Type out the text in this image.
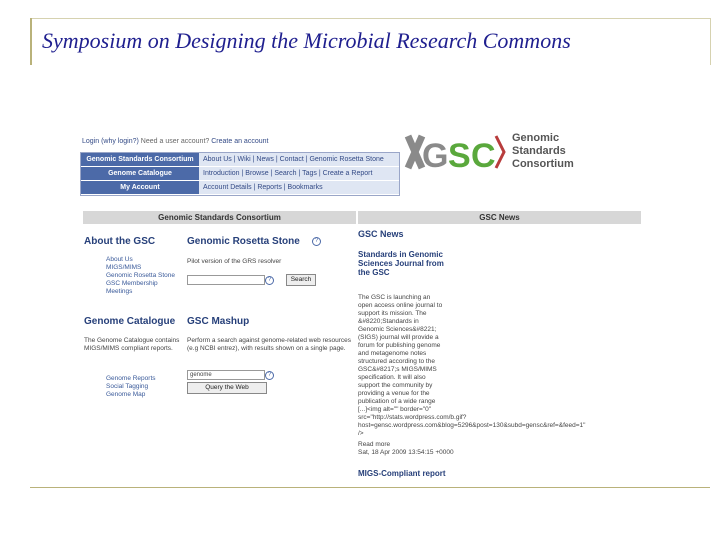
Symposium on Designing the Microbial Research Commons
Login (why login?) Need a user account? Create an account
Genomic Standards Consortium	About Us | Wiki | News | Contact | Genomic Rosetta Stone
Genome Catalogue	Introduction | Browse | Search | Tags | Create a Report
My Account	Account Details | Reports | Bookmarks
G S C Genomic
Standards
Consortium
Genomic Standards Consortium	GSC News
About the GSC
About Us
MIGS/MIMS
Genomic Rosetta Stone
GSC Membership
Meetings
Genomic Rosetta Stone	?
Pilot version of the GRS resolver
?	Search
Genome Catalogue
The Genome Catalogue contains MIGS/MIMS compliant reports.
Genome Reports
Social Tagging
Genome Map
GSC Mashup
Perform a search against genome-related web resources (e.g NCBI entrez), with results shown on a single page.
genome	?
Query the Web
GSC News
Standards in Genomic Sciences Journal from the GSC
The GSC is launching an open access online journal to support its mission. The &#8220;Standards in Genomic Sciences&#8221; (SIGS) journal will provide a forum for publishing genome and metagenome notes structured according to the GSC&#8217;s MIGS/MIMS specification. It will also support the community by providing a venue for the publication of a wide range [...]<img alt="" border="0" src="http://stats.wordpress.com/b.gif?host=gensc.wordpress.com&blog=5296&post=130&subd=gensc&ref=&feed=1" />
Read more
Sat, 18 Apr 2009 13:54:15 +0000
MIGS-Compliant report
